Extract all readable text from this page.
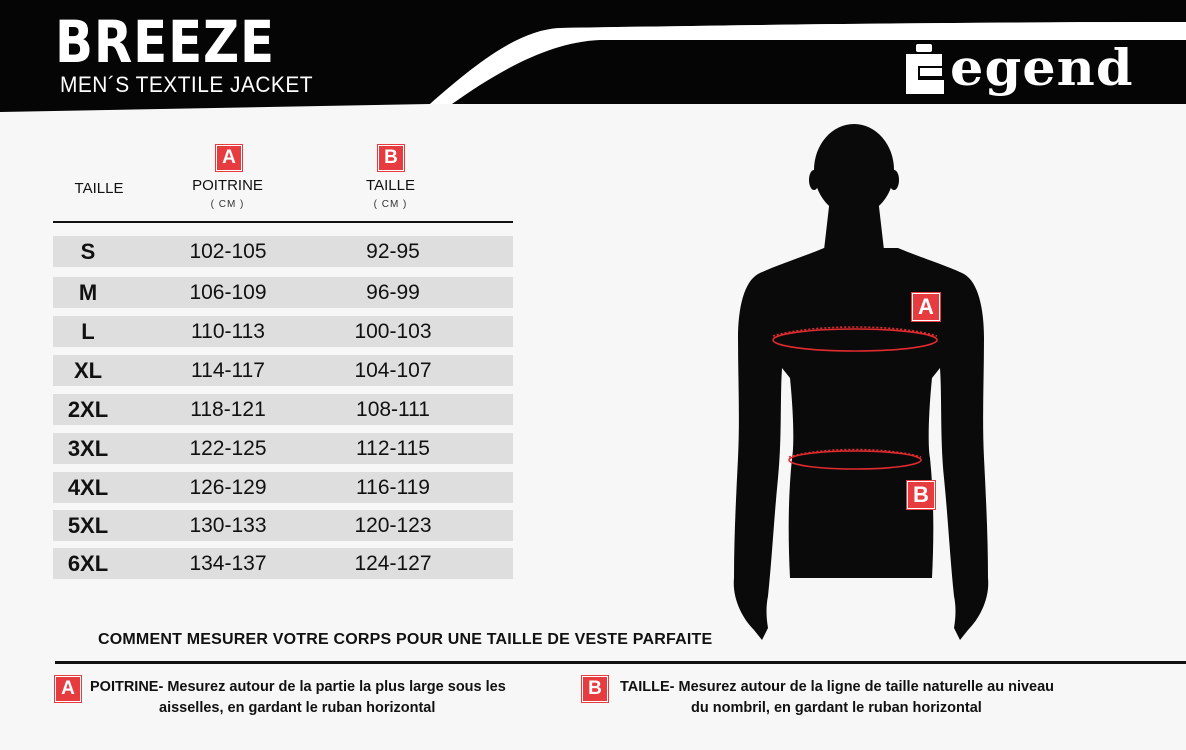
BREEZE
MEN´S TEXTILE JACKET	egend
TAILLE
A
POITRINE
( CM )
B
TAILLE
( CM )
S	102-105	92-95
M	106-109	96-99
L	110-113	100-103
XL	114-117	104-107
2XL	118-121	108-111
3XL	122-125	112-115
4XL	126-129	116-119
5XL	130-133	120-123
6XL	134-137	124-127
A
B
COMMENT MESURER VOTRE CORPS POUR UNE TAILLE DE VESTE PARFAITE
A	POITRINE- Mesurez autour de la partie la plus large sous les
aisselles, en gardant le ruban horizontal
B	TAILLE- Mesurez autour de la ligne de taille naturelle au niveau
du nombril, en gardant le ruban horizontal
